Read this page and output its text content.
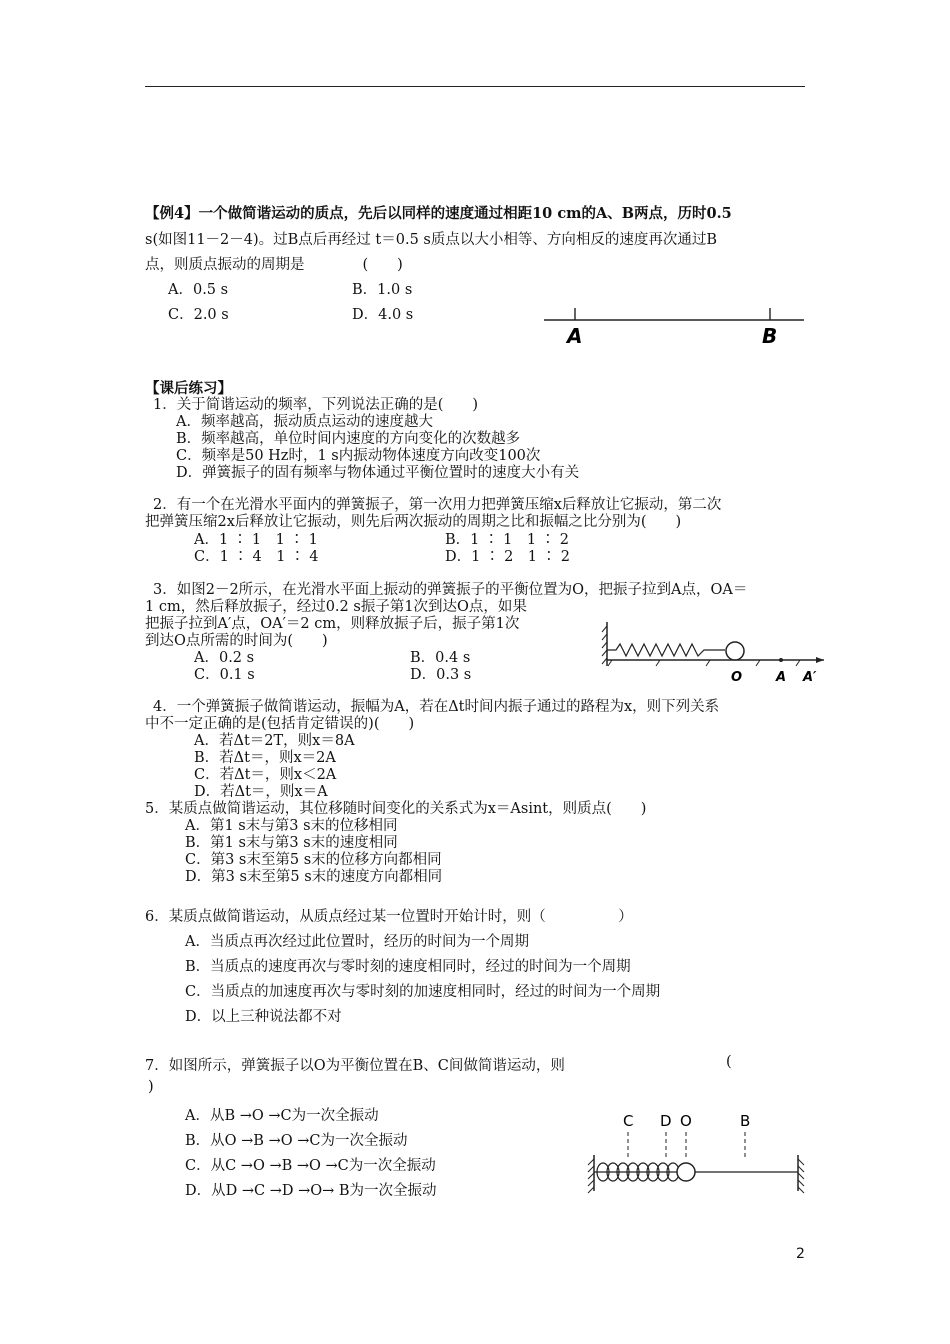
【例4】一个做简谐运动的质点，先后以同样的速度通过相距10 cm的A、B两点，历时0.5
s(如图11－2－4)。过B点后再经过 t＝0.5 s质点以大小相等、方向相反的速度再次通过B
点，则质点振动的周期是　　　　(　　)
A．0.5 s	B．1.0 s
C．2.0 s	D．4.0 s
A	B
【课后练习】
1．关于简谐运动的频率，下列说法正确的是(　　)
A．频率越高，振动质点运动的速度越大
B．频率越高，单位时间内速度的方向变化的次数越多
C．频率是50 Hz时，1 s内振动物体速度方向改变100次
D．弹簧振子的固有频率与物体通过平衡位置时的速度大小有关
2．有一个在光滑水平面内的弹簧振子，第一次用力把弹簧压缩x后释放让它振动，第二次
把弹簧压缩2x后释放让它振动，则先后两次振动的周期之比和振幅之比分别为(　　)
A．1 ∶ 1　1 ∶ 1	B．1 ∶ 1　1 ∶ 2
C．1 ∶ 4　1 ∶ 4	D．1 ∶ 2　1 ∶ 2
3．如图2－2所示，在光滑水平面上振动的弹簧振子的平衡位置为O，把振子拉到A点，OA＝
1 cm，然后释放振子，经过0.2 s振子第1次到达O点，如果
把振子拉到A′点，OA′＝2 cm，则释放振子后，振子第1次
到达O点所需的时间为(　　)
A．0.2 s	B．0.4 s
C．0.1 s	D．0.3 s	O	A A′
4．一个弹簧振子做简谐运动，振幅为A，若在Δt时间内振子通过的路程为x，则下列关系
中不一定正确的是(包括肯定错误的)(　　)
A．若Δt＝2T，则x＝8A
B．若Δt＝，则x＝2A
C．若Δt＝，则x＜2A
D．若Δt＝，则x＝A
5．某质点做简谐运动，其位移随时间变化的关系式为x＝Asint，则质点(　　)
A．第1 s末与第3 s末的位移相同
B．第1 s末与第3 s末的速度相同
C．第3 s末至第5 s末的位移方向都相同
D．第3 s末至第5 s末的速度方向都相同
6．某质点做简谐运动，从质点经过某一位置时开始计时，则（　　　　　）
A．当质点再次经过此位置时，经历的时间为一个周期
B．当质点的速度再次与零时刻的速度相同时，经过的时间为一个周期
C．当质点的加速度再次与零时刻的加速度相同时，经过的时间为一个周期
D．以上三种说法都不对
7．如图所示，弹簧振子以O为平衡位置在B、C间做简谐运动，则	(
)
A．从B →O →C为一次全振动
B．从O →B →O →C为一次全振动
C．从C →O →B →O →C为一次全振动
D．从D →C →D →O→ B为一次全振动
C D O	B
2
